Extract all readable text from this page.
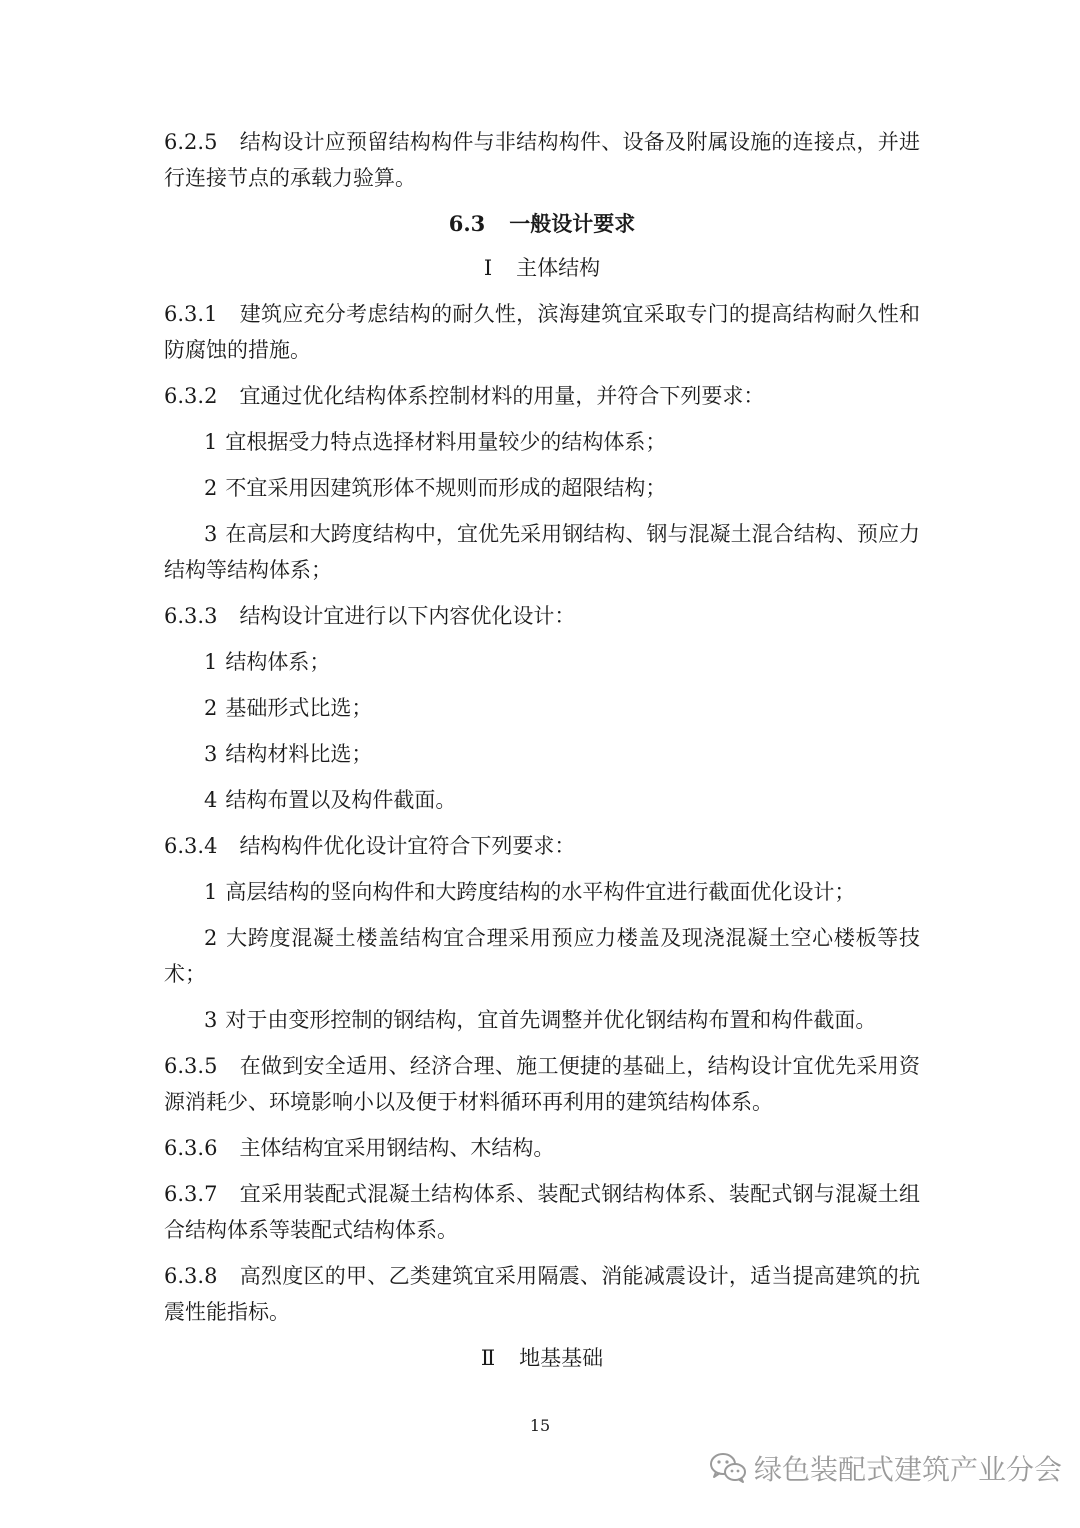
6.2.5 结构设计应预留结构构件与非结构构件、设备及附属设施的连接点，并进行连接节点的承载力验算。

6.3 一般设计要求
Ⅰ 主体结构

6.3.1 建筑应充分考虑结构的耐久性，滨海建筑宜采取专门的提高结构耐久性和防腐蚀的措施。

6.3.2 宜通过优化结构体系控制材料的用量，并符合下列要求：

1 宜根据受力特点选择材料用量较少的结构体系；

2 不宜采用因建筑形体不规则而形成的超限结构；

3 在高层和大跨度结构中，宜优先采用钢结构、钢与混凝土混合结构、预应力结构等结构体系；

6.3.3 结构设计宜进行以下内容优化设计：

1 结构体系；

2 基础形式比选；

3 结构材料比选；

4 结构布置以及构件截面。

6.3.4 结构构件优化设计宜符合下列要求：

1 高层结构的竖向构件和大跨度结构的水平构件宜进行截面优化设计；

2 大跨度混凝土楼盖结构宜合理采用预应力楼盖及现浇混凝土空心楼板等技术；

3 对于由变形控制的钢结构，宜首先调整并优化钢结构布置和构件截面。

6.3.5 在做到安全适用、经济合理、施工便捷的基础上，结构设计宜优先采用资源消耗少、环境影响小以及便于材料循环再利用的建筑结构体系。

6.3.6 主体结构宜采用钢结构、木结构。

6.3.7 宜采用装配式混凝土结构体系、装配式钢结构体系、装配式钢与混凝土组合结构体系等装配式结构体系。

6.3.8 高烈度区的甲、乙类建筑宜采用隔震、消能减震设计，适当提高建筑的抗震性能指标。

Ⅱ 地基基础
15
绿色装配式建筑产业分会
